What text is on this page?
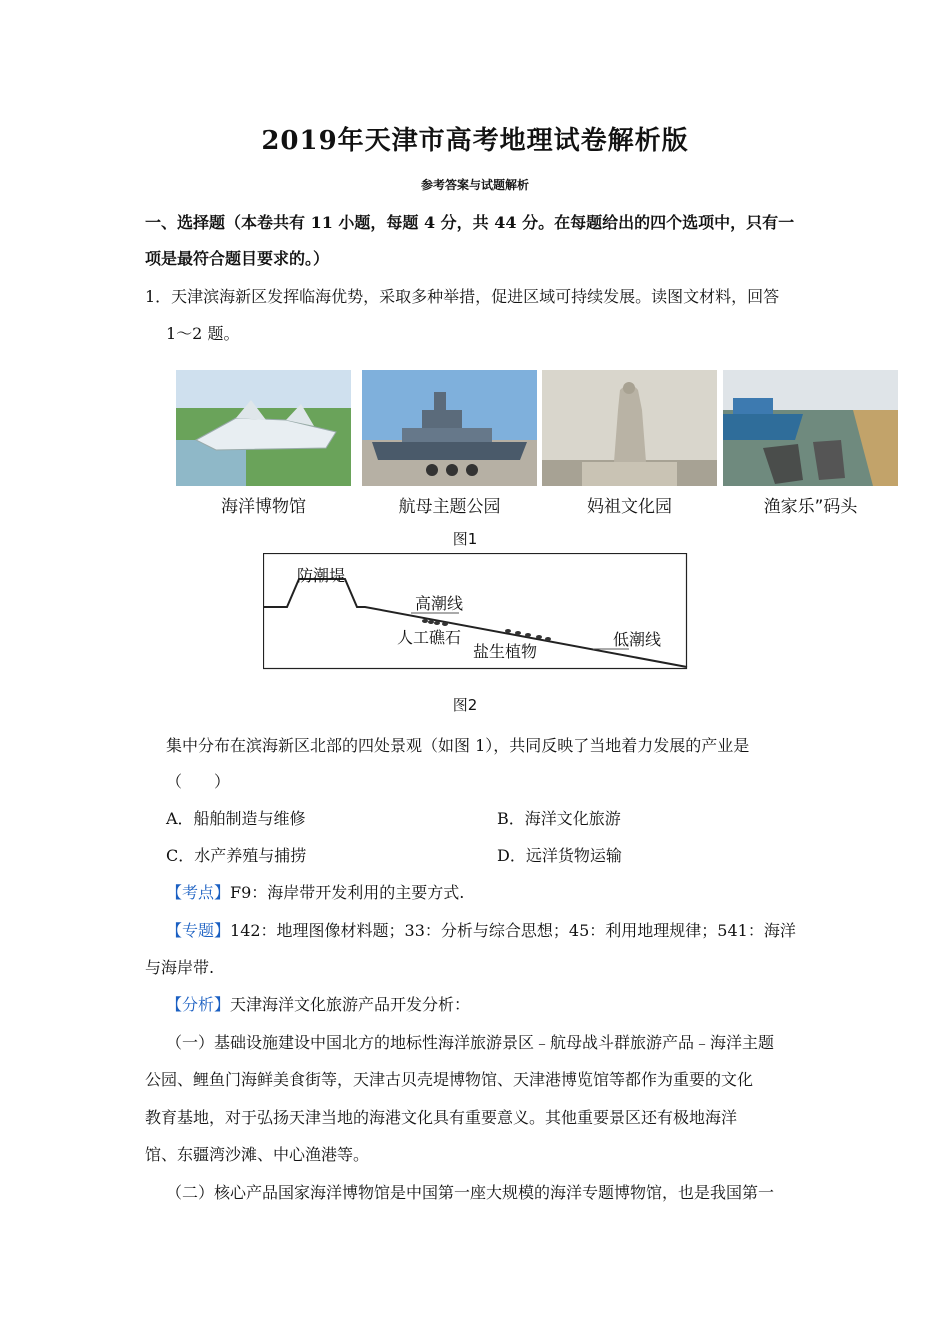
2019年天津市高考地理试卷解析版
参考答案与试题解析
一、选择题（本卷共有 11 小题，每题 4 分，共 44 分。在每题给出的四个选项中，只有一
项是最符合题目要求的。）
1．天津滨海新区发挥临海优势，采取多种举措，促进区域可持续发展。读图文材料，回答
1～2 题。
海洋博物馆	航母主题公园	妈祖文化园	渔家乐”码头
图1
防潮堤
高潮线
人工礁石
盐生植物
低潮线
图2
集中分布在滨海新区北部的四处景观（如图 1），共同反映了当地着力发展的产业是
（　　）
A．船舶制造与维修	B．海洋文化旅游
C．水产养殖与捕捞	D．远洋货物运输
【考点】F9：海岸带开发利用的主要方式.
【专题】142：地理图像材料题；33：分析与综合思想；45：利用地理规律；541：海洋
与海岸带.
【分析】天津海洋文化旅游产品开发分析：
（一）基础设施建设中国北方的地标性海洋旅游景区﹣航母战斗群旅游产品﹣海洋主题
公园、鲤鱼门海鲜美食街等，天津古贝壳堤博物馆、天津港博览馆等都作为重要的文化
教育基地，对于弘扬天津当地的海港文化具有重要意义。其他重要景区还有极地海洋
馆、东疆湾沙滩、中心渔港等。
（二）核心产品国家海洋博物馆是中国第一座大规模的海洋专题博物馆，也是我国第一
